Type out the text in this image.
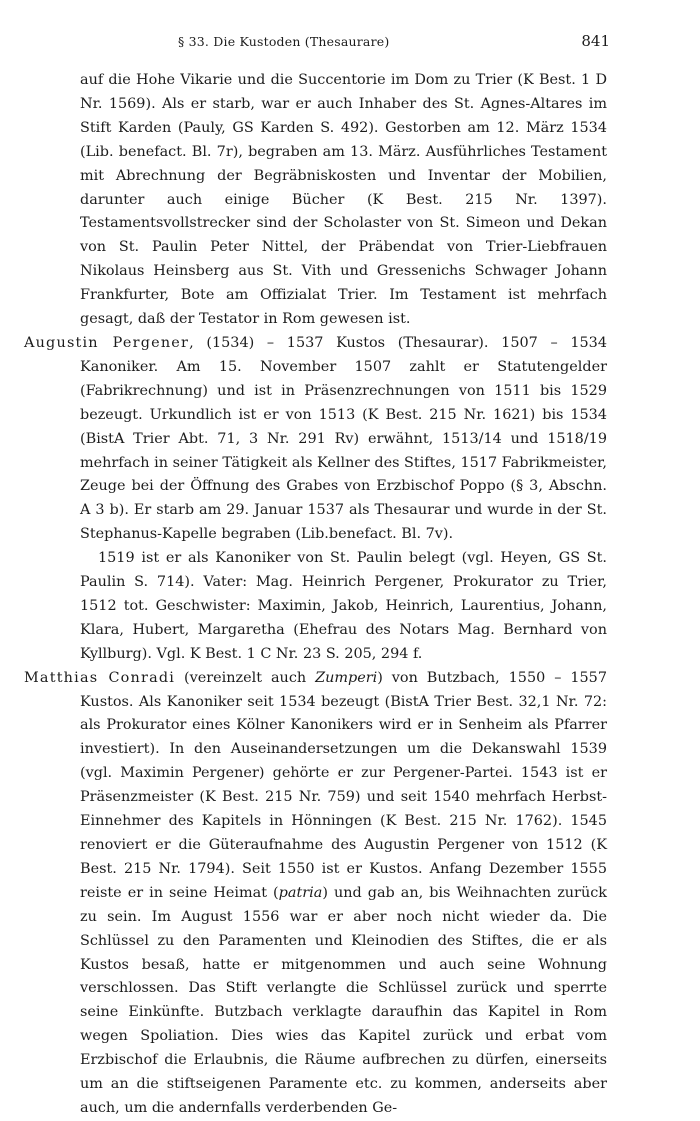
§ 33. Die Kustoden (Thesaurare)	841

auf die Hohe Vikarie und die Succentorie im Dom zu Trier (K Best. 1 D Nr. 1569). Als er starb, war er auch Inhaber des St. Agnes-Altares im Stift Karden (Pauly, GS Karden S. 492). Gestorben am 12. März 1534 (Lib. benefact. Bl. 7r), begraben am 13. März. Ausführliches Testament mit Abrechnung der Begräbniskosten und Inventar der Mobilien, darunter auch einige Bücher (K Best. 215 Nr. 1397). Testamentsvollstrecker sind der Scholaster von St. Simeon und Dekan von St. Paulin Peter Nittel, der Präbendat von Trier-Liebfrauen Nikolaus Heinsberg aus St. Vith und Gressenichs Schwager Johann Frankfurter, Bote am Offizialat Trier. Im Testament ist mehrfach gesagt, daß der Testator in Rom gewesen ist.

Augustin Pergener, (1534) – 1537 Kustos (Thesaurar). 1507 – 1534 Kanoniker. Am 15. November 1507 zahlt er Statutengelder (Fabrikrechnung) und ist in Präsenzrechnungen von 1511 bis 1529 bezeugt. Urkundlich ist er von 1513 (K Best. 215 Nr. 1621) bis 1534 (BistA Trier Abt. 71, 3 Nr. 291 Rv) erwähnt, 1513/14 und 1518/19 mehrfach in seiner Tätigkeit als Kellner des Stiftes, 1517 Fabrikmeister, Zeuge bei der Öffnung des Grabes von Erzbischof Poppo (§ 3, Abschn. A 3 b). Er starb am 29. Januar 1537 als Thesaurar und wurde in der St. Stephanus-Kapelle begraben (Lib.benefact. Bl. 7v).

1519 ist er als Kanoniker von St. Paulin belegt (vgl. Heyen, GS St. Paulin S. 714). Vater: Mag. Heinrich Pergener, Prokurator zu Trier, 1512 tot. Geschwister: Maximin, Jakob, Heinrich, Laurentius, Johann, Klara, Hubert, Margaretha (Ehefrau des Notars Mag. Bernhard von Kyllburg). Vgl. K Best. 1 C Nr. 23 S. 205, 294 f.

Matthias Conradi (vereinzelt auch Zumperi) von Butzbach, 1550 – 1557 Kustos. Als Kanoniker seit 1534 bezeugt (BistA Trier Best. 32,1 Nr. 72: als Prokurator eines Kölner Kanonikers wird er in Senheim als Pfarrer investiert). In den Auseinandersetzungen um die Dekanswahl 1539 (vgl. Maximin Pergener) gehörte er zur Pergener-Partei. 1543 ist er Präsenzmeister (K Best. 215 Nr. 759) und seit 1540 mehrfach Herbst-Einnehmer des Kapitels in Hönningen (K Best. 215 Nr. 1762). 1545 renoviert er die Güteraufnahme des Augustin Pergener von 1512 (K Best. 215 Nr. 1794). Seit 1550 ist er Kustos. Anfang Dezember 1555 reiste er in seine Heimat (patria) und gab an, bis Weihnachten zurück zu sein. Im August 1556 war er aber noch nicht wieder da. Die Schlüssel zu den Paramenten und Kleinodien des Stiftes, die er als Kustos besaß, hatte er mitgenommen und auch seine Wohnung verschlossen. Das Stift verlangte die Schlüssel zurück und sperrte seine Einkünfte. Butzbach verklagte daraufhin das Kapitel in Rom wegen Spoliation. Dies wies das Kapitel zurück und erbat vom Erzbischof die Erlaubnis, die Räume aufbrechen zu dürfen, einerseits um an die stiftseigenen Paramente etc. zu kommen, anderseits aber auch, um die andernfalls verderbenden Ge-
